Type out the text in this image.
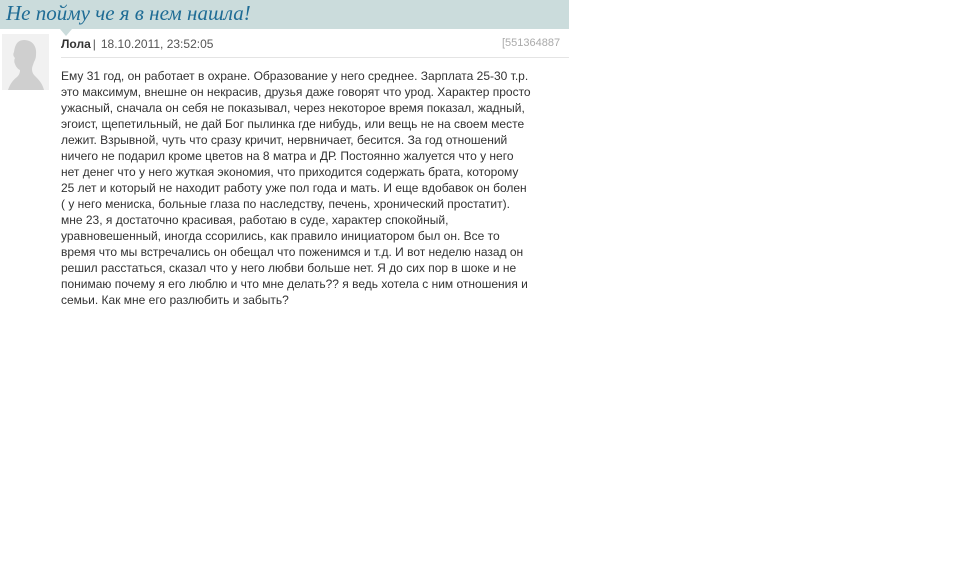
Не пойму че я в нем нашла!
Лола | 18.10.2011, 23:52:05	[551364887
Ему 31 год, он работает в охране. Образование у него среднее. Зарплата 25-30 т.р.
это максимум, внешне он некрасив, друзья даже говорят что урод. Характер просто
ужасный, сначала он себя не показывал, через некоторое время показал, жадный,
эгоист, щепетильный, не дай Бог пылинка где нибудь, или вещь не на своем месте
лежит. Взрывной, чуть что сразу кричит, нервничает, бесится. За год отношений
ничего не подарил кроме цветов на 8 матра и ДР. Постоянно жалуется что у него
нет денег что у него жуткая экономия, что приходится содержать брата, которому
25 лет и который не находит работу уже пол года и мать. И еще вдобавок он болен
( у него мениска, больные глаза по наследству, печень, хронический простатит).
мне 23, я достаточно красивая, работаю в суде, характер спокойный,
уравновешенный, иногда ссорились, как правило инициатором был он. Все то
время что мы встречались он обещал что поженимся и т.д. И вот неделю назад он
решил расстаться, сказал что у него любви больше нет. Я до сих пор в шоке и не
понимаю почему я его люблю и что мне делать?? я ведь хотела с ним отношения и
семьи. Как мне его разлюбить и забыть?
